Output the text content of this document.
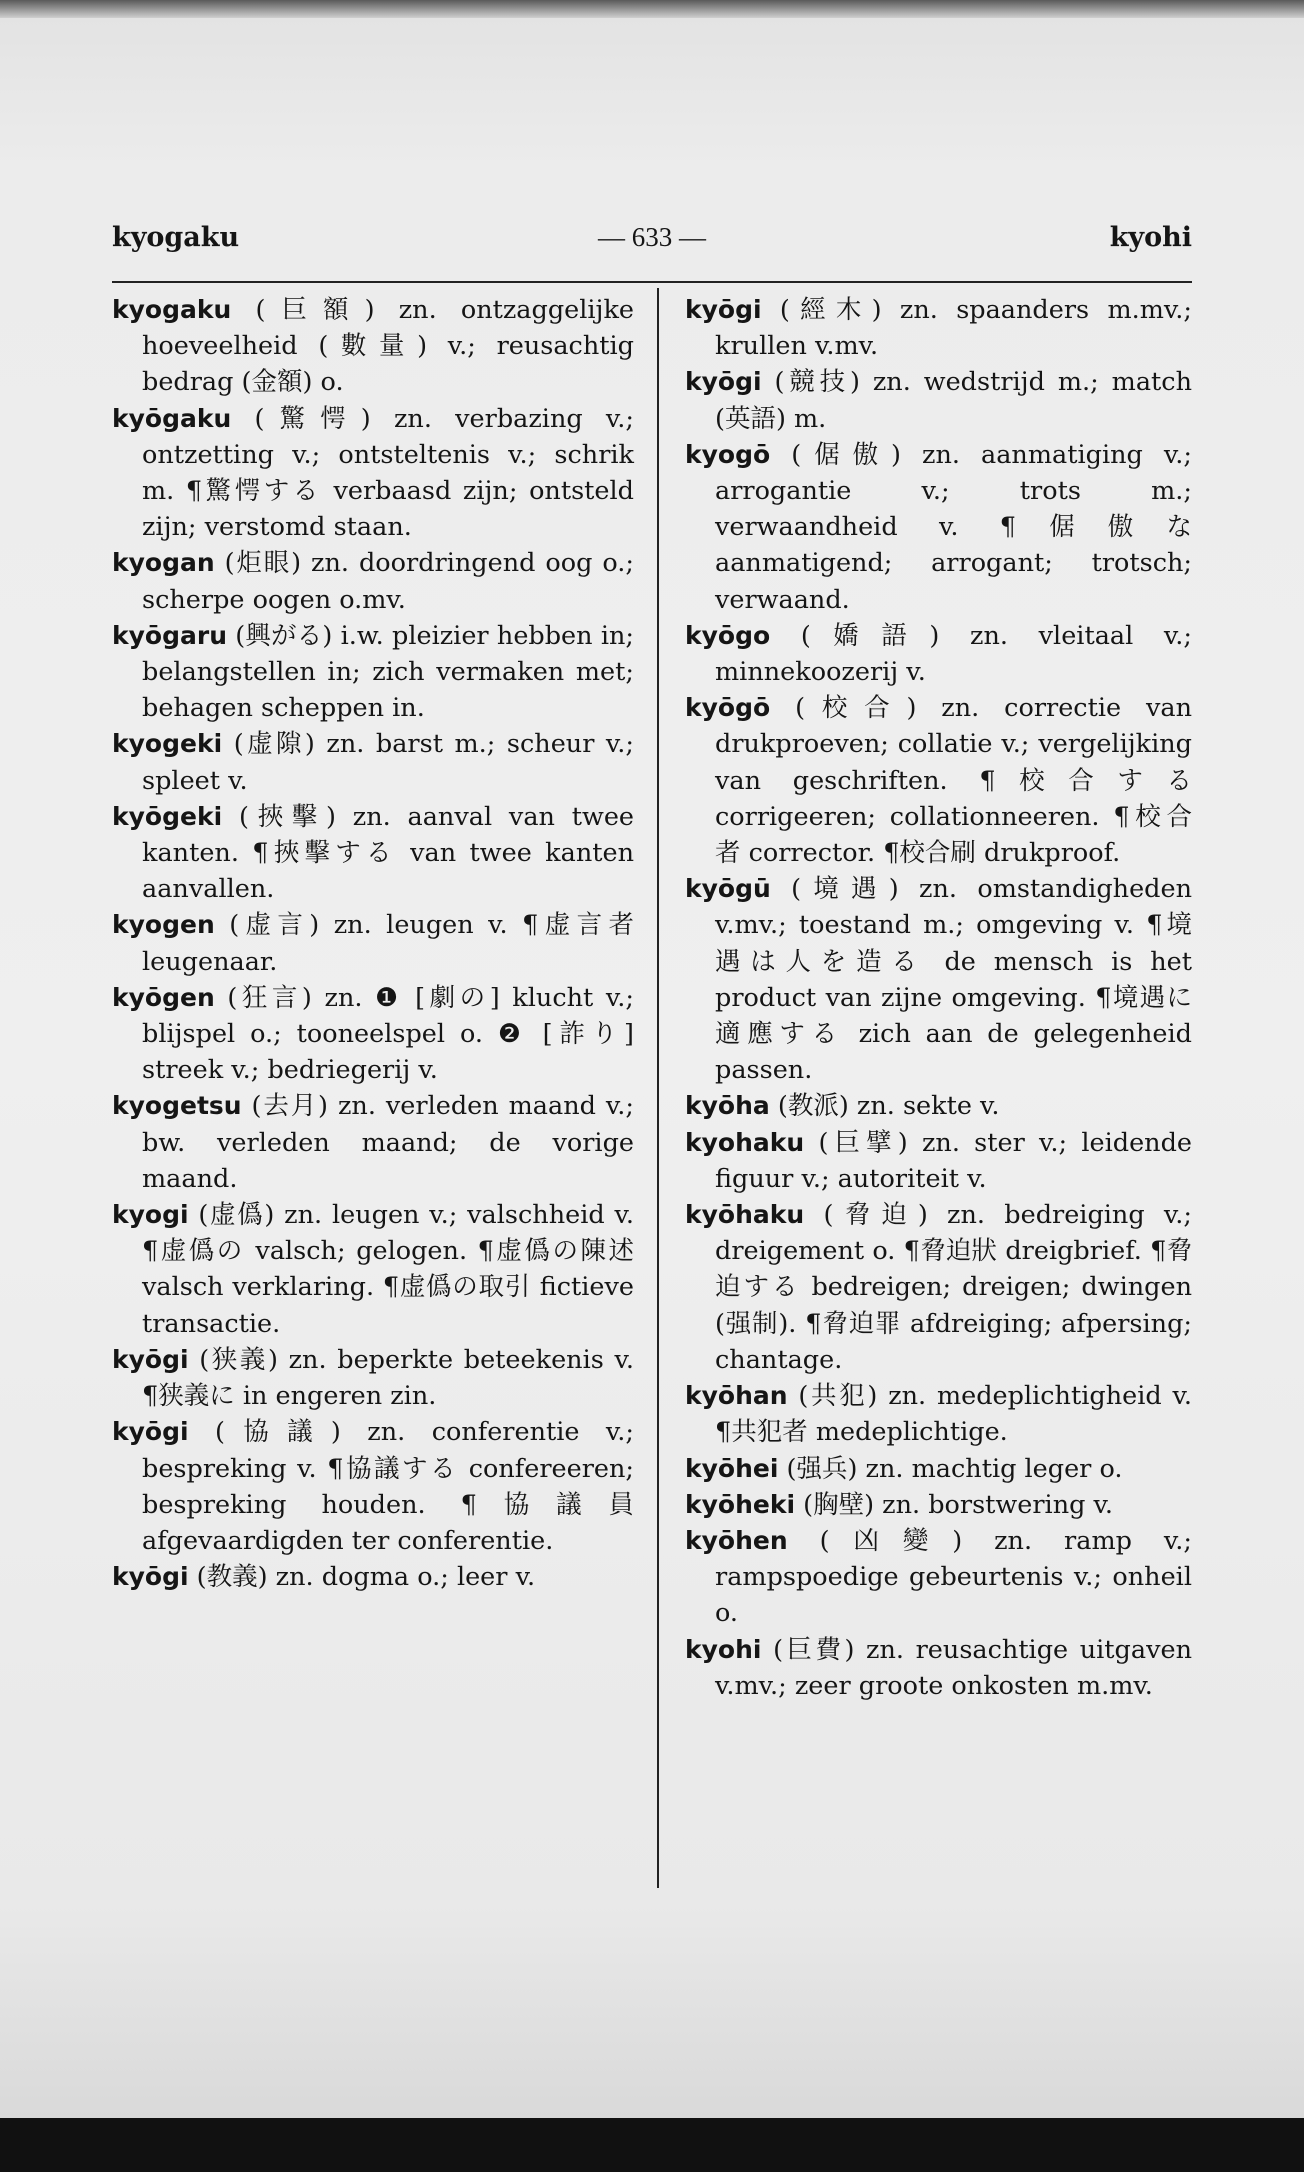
kyogaku	— 633 —	kyohi

kyogaku (巨額) zn. ontzaggelijke hoeveelheid (數量) v.; reusachtig bedrag (金額) o.

kyōgaku (驚愕) zn. verbazing v.; ontzetting v.; ontsteltenis v.; schrik m. ¶驚愕する verbaasd zijn; ontsteld zijn; verstomd staan.

kyogan (炬眼) zn. doordringend oog o.; scherpe oogen o.mv.

kyōgaru (興がる) i.w. pleizier hebben in; belangstellen in; zich vermaken met; behagen scheppen in.

kyogeki (虚隙) zn. barst m.; scheur v.; spleet v.

kyōgeki (挾擊) zn. aanval van twee kanten. ¶挾擊する van twee kanten aanvallen.

kyogen (虚言) zn. leugen v. ¶虚言者 leugenaar.

kyōgen (狂言) zn. ❶ [劇の] klucht v.; blijspel o.; tooneelspel o. ❷ [詐り] streek v.; bedriegerij v.

kyogetsu (去月) zn. verleden maand v.; bw. verleden maand; de vorige maand.

kyogi (虚僞) zn. leugen v.; valschheid v. ¶虚僞の valsch; gelogen. ¶虚僞の陳述 valsch verklaring. ¶虚僞の取引 fictieve transactie.

kyōgi (狭義) zn. beperkte beteekenis v. ¶狭義に in engeren zin.

kyōgi (協議) zn. conferentie v.; bespreking v. ¶協議する confereeren; bespreking houden. ¶協議員 afgevaardigden ter conferentie.

kyōgi (教義) zn. dogma o.; leer v.

kyōgi (經木) zn. spaanders m.mv.; krullen v.mv.

kyōgi (競技) zn. wedstrijd m.; match (英語) m.

kyogō (倨傲) zn. aanmatiging v.; arrogantie v.; trots m.; verwaandheid v. ¶倨傲な aanmatigend; arrogant; trotsch; verwaand.

kyōgo (嬌語) zn. vleitaal v.; minnekoozerij v.

kyōgō (校合) zn. correctie van drukproeven; collatie v.; vergelijking van geschriften. ¶校合する corrigeeren; collationneeren. ¶校合者 corrector. ¶校合刷 drukproof.

kyōgū (境遇) zn. omstandigheden v.mv.; toestand m.; omgeving v. ¶境遇は人を造る de mensch is het product van zijne omgeving. ¶境遇に適應する zich aan de gelegenheid passen.

kyōha (教派) zn. sekte v.

kyohaku (巨擘) zn. ster v.; leidende figuur v.; autoriteit v.

kyōhaku (脅迫) zn. bedreiging v.; dreigement o. ¶脅迫狀 dreigbrief. ¶脅迫する bedreigen; dreigen; dwingen (强制). ¶脅迫罪 afdreiging; afpersing; chantage.

kyōhan (共犯) zn. medeplichtigheid v. ¶共犯者 medeplichtige.

kyōhei (强兵) zn. machtig leger o.

kyōheki (胸壁) zn. borstwering v.

kyōhen (凶變) zn. ramp v.; rampspoedige gebeurtenis v.; onheil o.

kyohi (巨費) zn. reusachtige uitgaven v.mv.; zeer groote onkosten m.mv.
